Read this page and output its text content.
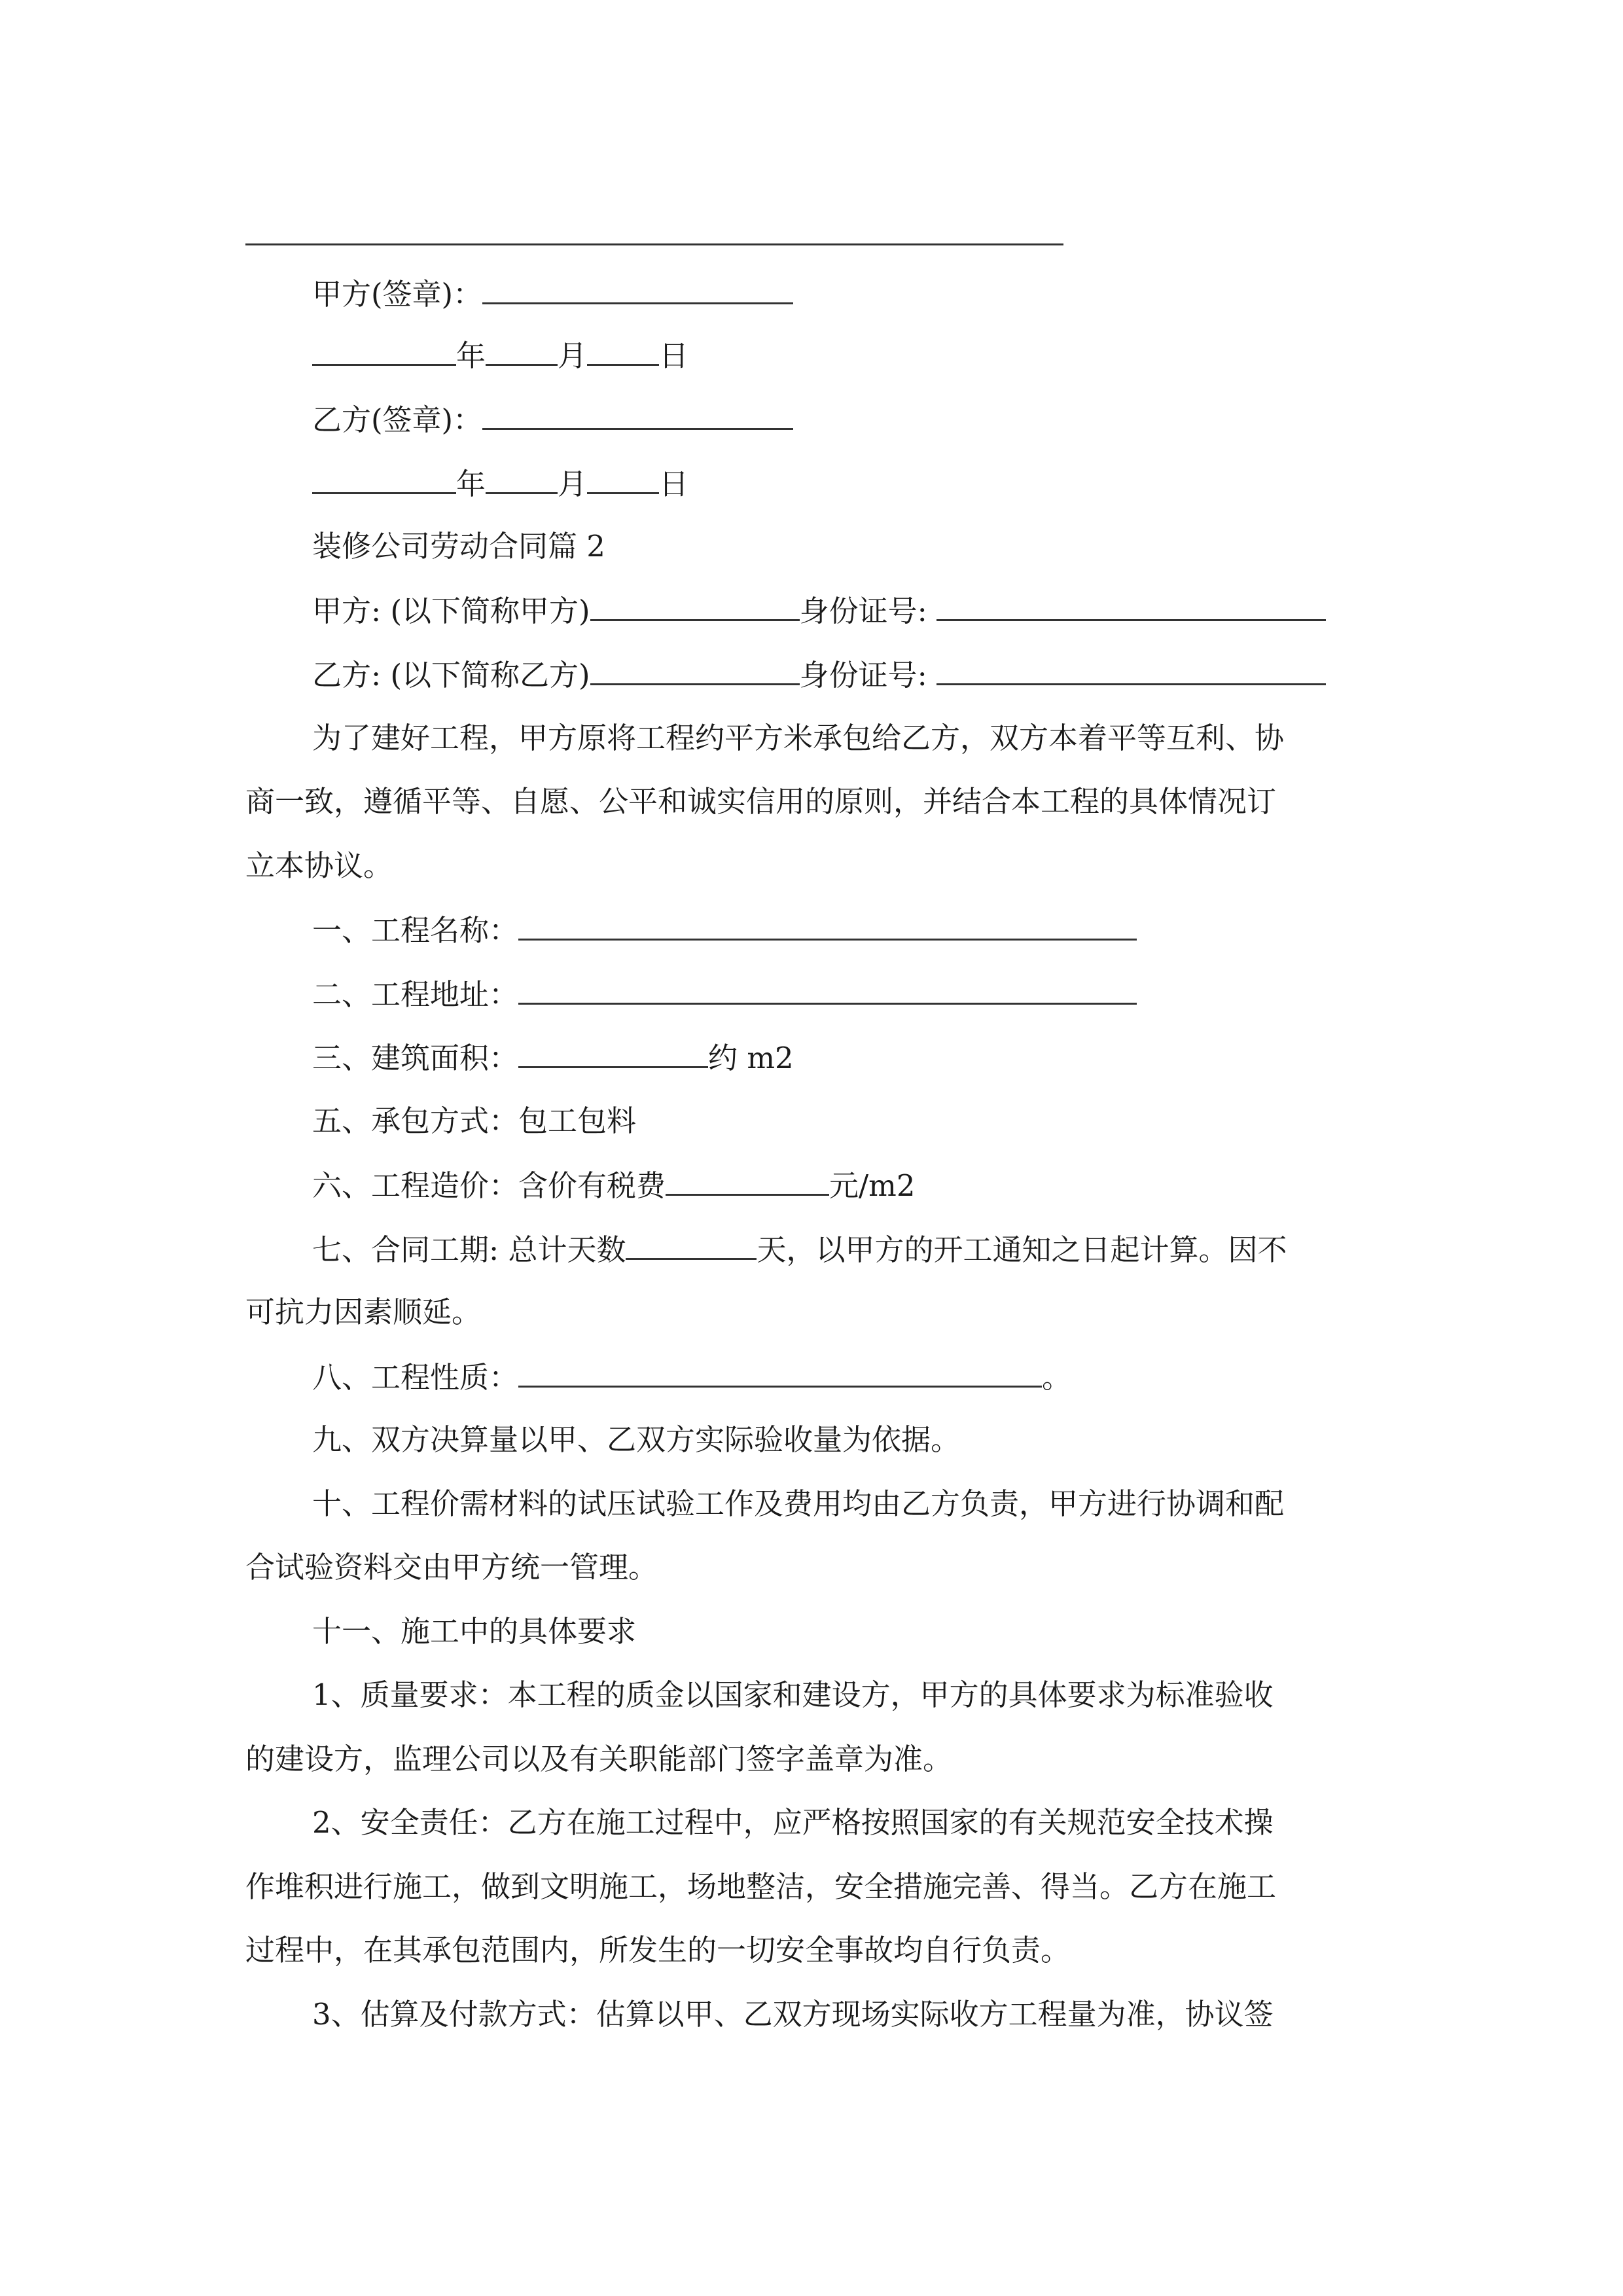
甲方(签章)：
年 月 日
乙方(签章)：
年 月 日
装修公司劳动合同篇 2
甲方: (以下简称甲方)	身份证号:
乙方: (以下简称乙方)	身份证号:
为了建好工程，甲方原将工程约平方米承包给乙方，双方本着平等互利、协
商一致，遵循平等、自愿、公平和诚实信用的原则，并结合本工程的具体情况订
立本协议。
一、工程名称：
二、工程地址：
三、建筑面积：	约 m2
五、承包方式：包工包料
六、工程造价：含价有税费	元/m2
七、合同工期: 总计天数	天，以甲方的开工通知之日起计算。因不
可抗力因素顺延。
八、工程性质：	。
九、双方决算量以甲、乙双方实际验收量为依据。
十、工程价需材料的试压试验工作及费用均由乙方负责，甲方进行协调和配
合试验资料交由甲方统一管理。
十一、施工中的具体要求
1、质量要求：本工程的质金以国家和建设方，甲方的具体要求为标准验收
的建设方，监理公司以及有关职能部门签字盖章为准。
2、安全责任：乙方在施工过程中，应严格按照国家的有关规范安全技术操
作堆积进行施工，做到文明施工，场地整洁，安全措施完善、得当。乙方在施工
过程中，在其承包范围内，所发生的一切安全事故均自行负责。
3、估算及付款方式：估算以甲、乙双方现场实际收方工程量为准，协议签
